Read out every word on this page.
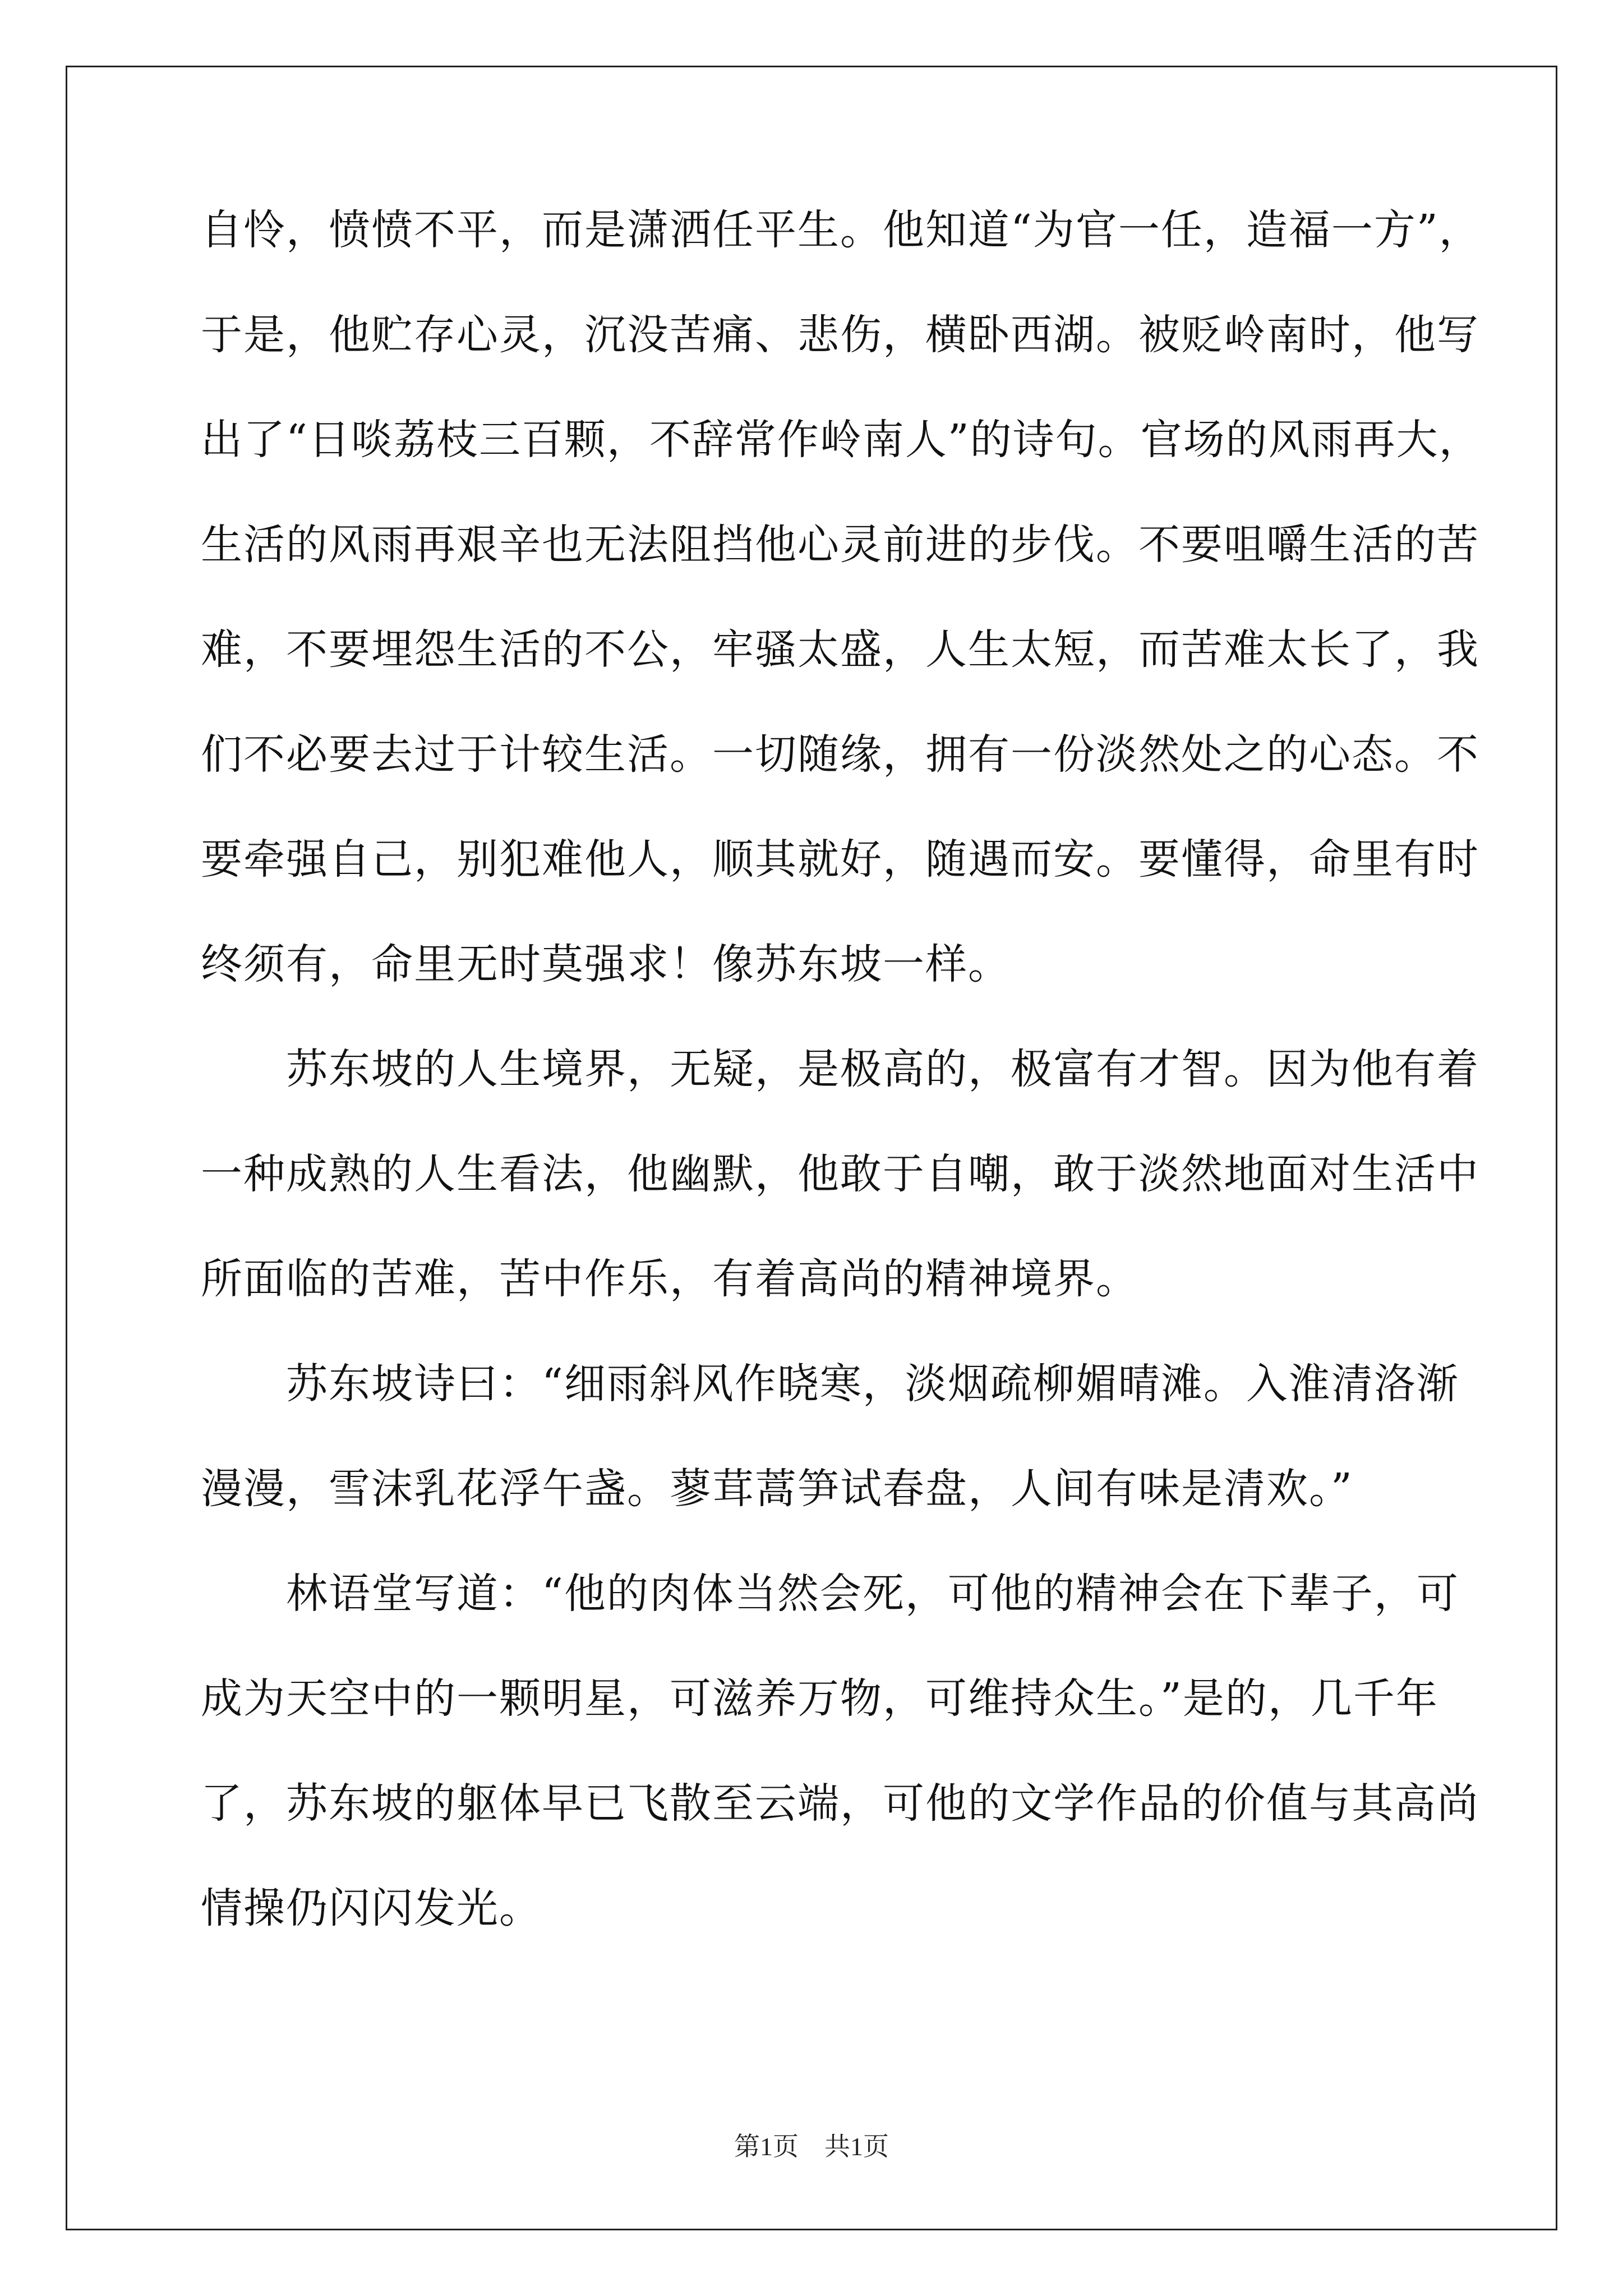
自怜，愤愤不平，而是潇洒任平生。他知道“为官一任，造福一方”，
于是，他贮存心灵，沉没苦痛、悲伤，横卧西湖。被贬岭南时，他写
出了“日啖荔枝三百颗，不辞常作岭南人”的诗句。官场的风雨再大，
生活的风雨再艰辛也无法阻挡他心灵前进的步伐。不要咀嚼生活的苦
难，不要埋怨生活的不公，牢骚太盛，人生太短，而苦难太长了，我
们不必要去过于计较生活。一切随缘，拥有一份淡然处之的心态。不
要牵强自己，别犯难他人，顺其就好，随遇而安。要懂得，命里有时
终须有，命里无时莫强求！像苏东坡一样。
　　苏东坡的人生境界，无疑，是极高的，极富有才智。因为他有着
一种成熟的人生看法，他幽默，他敢于自嘲，敢于淡然地面对生活中
所面临的苦难，苦中作乐，有着高尚的精神境界。
　　苏东坡诗曰：“细雨斜风作晓寒，淡烟疏柳媚晴滩。入淮清洛渐
漫漫，雪沫乳花浮午盏。蓼茸蒿笋试春盘，人间有味是清欢。”
　　林语堂写道：“他的肉体当然会死，可他的精神会在下辈子，可
成为天空中的一颗明星，可滋养万物，可维持众生。”是的，几千年
了，苏东坡的躯体早已飞散至云端，可他的文学作品的价值与其高尚
情操仍闪闪发光。
第1页　共1页
